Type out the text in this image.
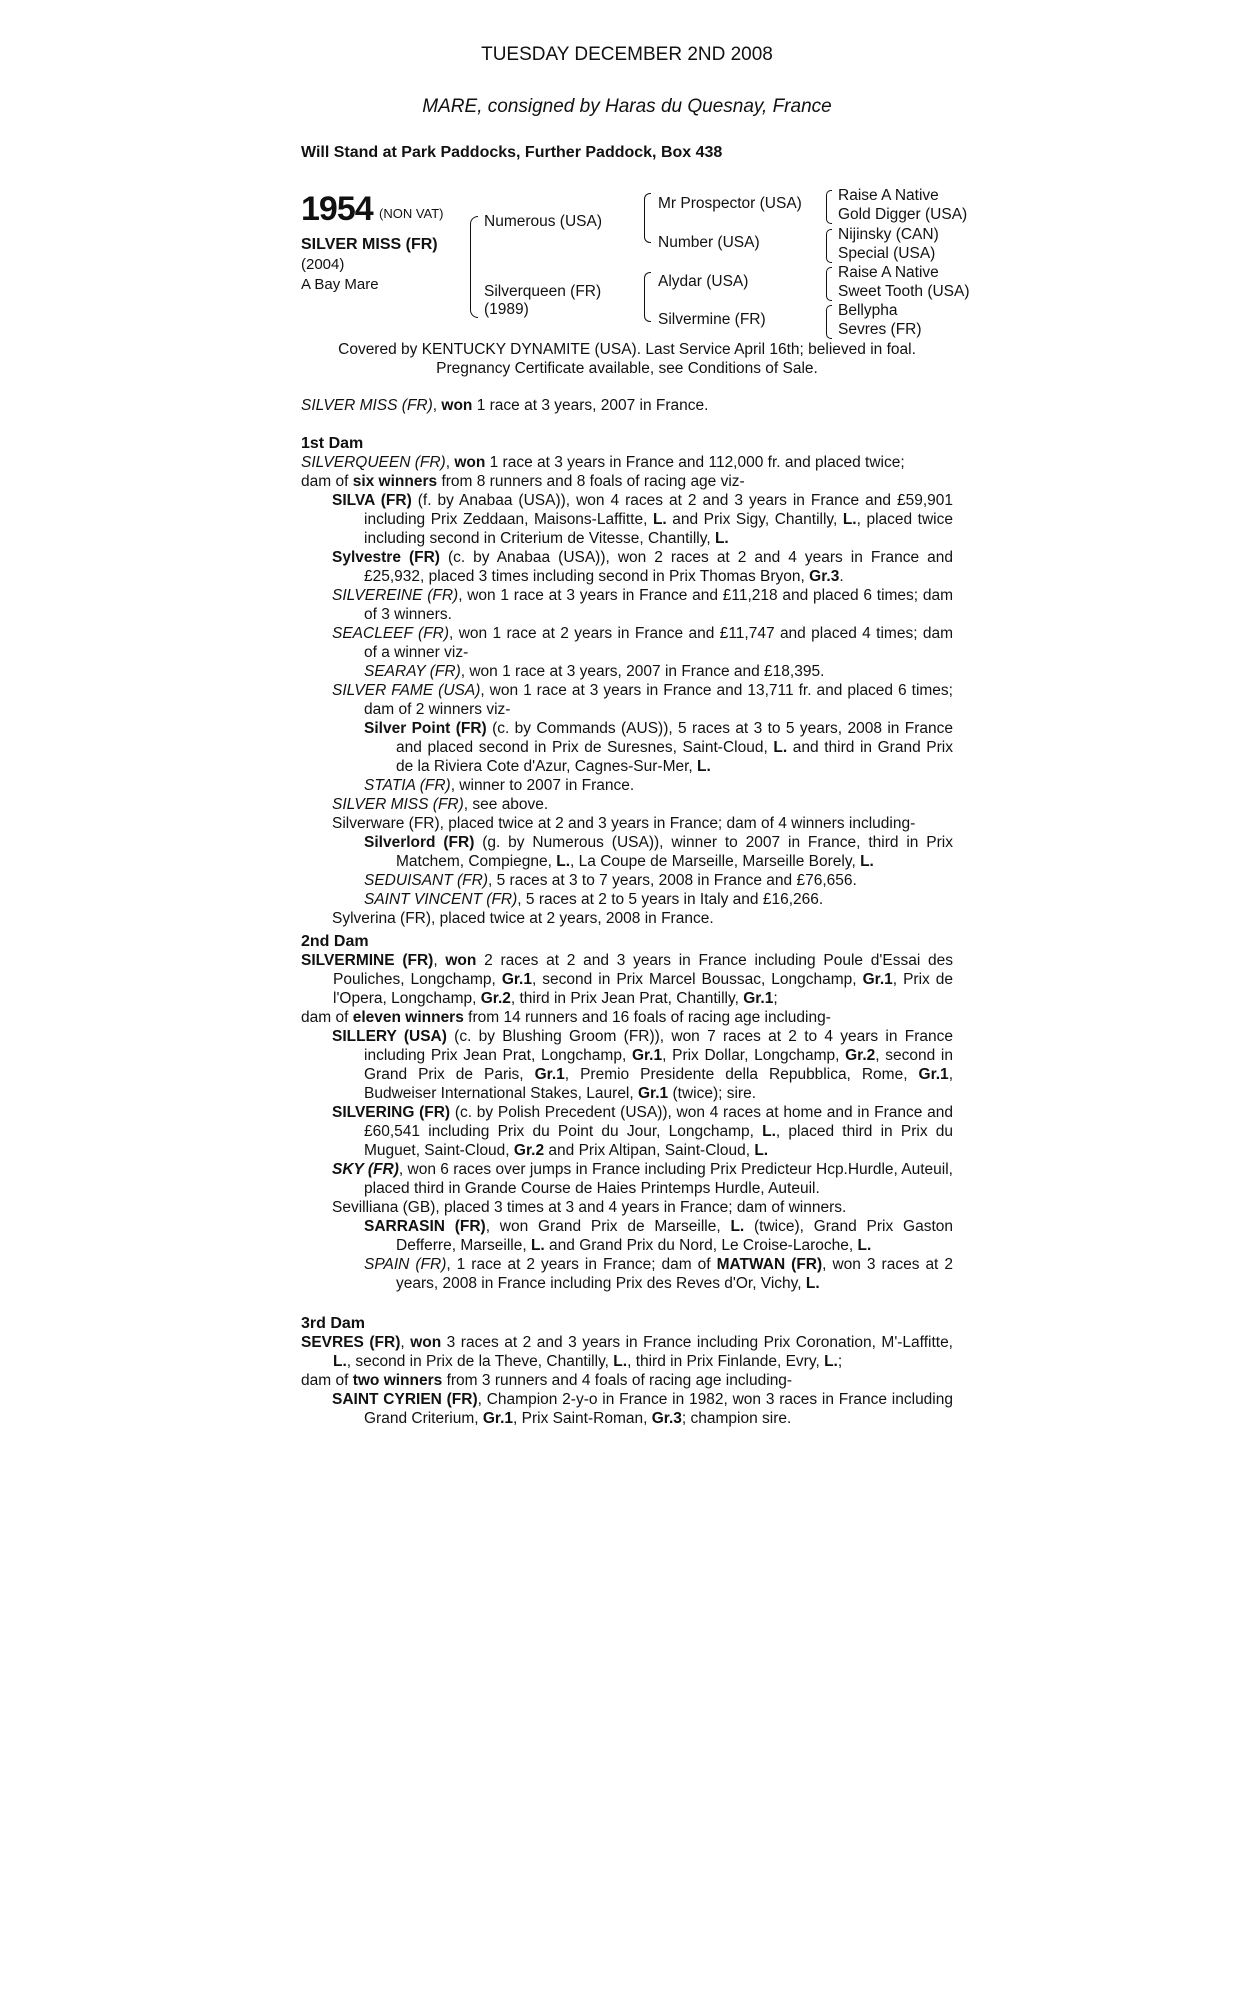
TUESDAY DECEMBER 2ND 2008
MARE, consigned by Haras du Quesnay, France
Will Stand at Park Paddocks, Further Paddock, Box 438
1954 (NON VAT)
SILVER MISS (FR)
(2004)
A Bay Mare
Numerous (USA)
Silverqueen (FR)
(1989)
Mr Prospector (USA)
Number (USA)
Alydar (USA)
Silvermine (FR)
Raise A Native
Gold Digger (USA)
Nijinsky (CAN)
Special (USA)
Raise A Native
Sweet Tooth (USA)
Bellypha
Sevres (FR)
Covered by KENTUCKY DYNAMITE (USA). Last Service April 16th; believed in foal.
Pregnancy Certificate available, see Conditions of Sale.

SILVER MISS (FR), won 1 race at 3 years, 2007 in France.

1st Dam

SILVERQUEEN (FR), won 1 race at 3 years in France and 112,000 fr. and placed twice;

dam of six winners from 8 runners and 8 foals of racing age viz-

SILVA (FR) (f. by Anabaa (USA)), won 4 races at 2 and 3 years in France and £59,901 including Prix Zeddaan, Maisons-Laffitte, L. and Prix Sigy, Chantilly, L., placed twice including second in Criterium de Vitesse, Chantilly, L.

Sylvestre (FR) (c. by Anabaa (USA)), won 2 races at 2 and 4 years in France and £25,932, placed 3 times including second in Prix Thomas Bryon, Gr.3.

SILVEREINE (FR), won 1 race at 3 years in France and £11,218 and placed 6 times; dam of 3 winners.

SEACLEEF (FR), won 1 race at 2 years in France and £11,747 and placed 4 times; dam of a winner viz-

SEARAY (FR), won 1 race at 3 years, 2007 in France and £18,395.

SILVER FAME (USA), won 1 race at 3 years in France and 13,711 fr. and placed 6 times; dam of 2 winners viz-

Silver Point (FR) (c. by Commands (AUS)), 5 races at 3 to 5 years, 2008 in France and placed second in Prix de Suresnes, Saint-Cloud, L. and third in Grand Prix de la Riviera Cote d'Azur, Cagnes-Sur-Mer, L.

STATIA (FR), winner to 2007 in France.

SILVER MISS (FR), see above.

Silverware (FR), placed twice at 2 and 3 years in France; dam of 4 winners including-

Silverlord (FR) (g. by Numerous (USA)), winner to 2007 in France, third in Prix Matchem, Compiegne, L., La Coupe de Marseille, Marseille Borely, L.

SEDUISANT (FR), 5 races at 3 to 7 years, 2008 in France and £76,656.

SAINT VINCENT (FR), 5 races at 2 to 5 years in Italy and £16,266.

Sylverina (FR), placed twice at 2 years, 2008 in France.

2nd Dam

SILVERMINE (FR), won 2 races at 2 and 3 years in France including Poule d'Essai des Pouliches, Longchamp, Gr.1, second in Prix Marcel Boussac, Longchamp, Gr.1, Prix de l'Opera, Longchamp, Gr.2, third in Prix Jean Prat, Chantilly, Gr.1;

dam of eleven winners from 14 runners and 16 foals of racing age including-

SILLERY (USA) (c. by Blushing Groom (FR)), won 7 races at 2 to 4 years in France including Prix Jean Prat, Longchamp, Gr.1, Prix Dollar, Longchamp, Gr.2, second in Grand Prix de Paris, Gr.1, Premio Presidente della Repubblica, Rome, Gr.1, Budweiser International Stakes, Laurel, Gr.1 (twice); sire.

SILVERING (FR) (c. by Polish Precedent (USA)), won 4 races at home and in France and £60,541 including Prix du Point du Jour, Longchamp, L., placed third in Prix du Muguet, Saint-Cloud, Gr.2 and Prix Altipan, Saint-Cloud, L.

SKY (FR), won 6 races over jumps in France including Prix Predicteur Hcp.Hurdle, Auteuil, placed third in Grande Course de Haies Printemps Hurdle, Auteuil.

Sevilliana (GB), placed 3 times at 3 and 4 years in France; dam of winners.

SARRASIN (FR), won Grand Prix de Marseille, L. (twice), Grand Prix Gaston Defferre, Marseille, L. and Grand Prix du Nord, Le Croise-Laroche, L.

SPAIN (FR), 1 race at 2 years in France; dam of MATWAN (FR), won 3 races at 2 years, 2008 in France including Prix des Reves d'Or, Vichy, L.

3rd Dam

SEVRES (FR), won 3 races at 2 and 3 years in France including Prix Coronation, M'-Laffitte, L., second in Prix de la Theve, Chantilly, L., third in Prix Finlande, Evry, L.;

dam of two winners from 3 runners and 4 foals of racing age including-

SAINT CYRIEN (FR), Champion 2-y-o in France in 1982, won 3 races in France including Grand Criterium, Gr.1, Prix Saint-Roman, Gr.3; champion sire.
